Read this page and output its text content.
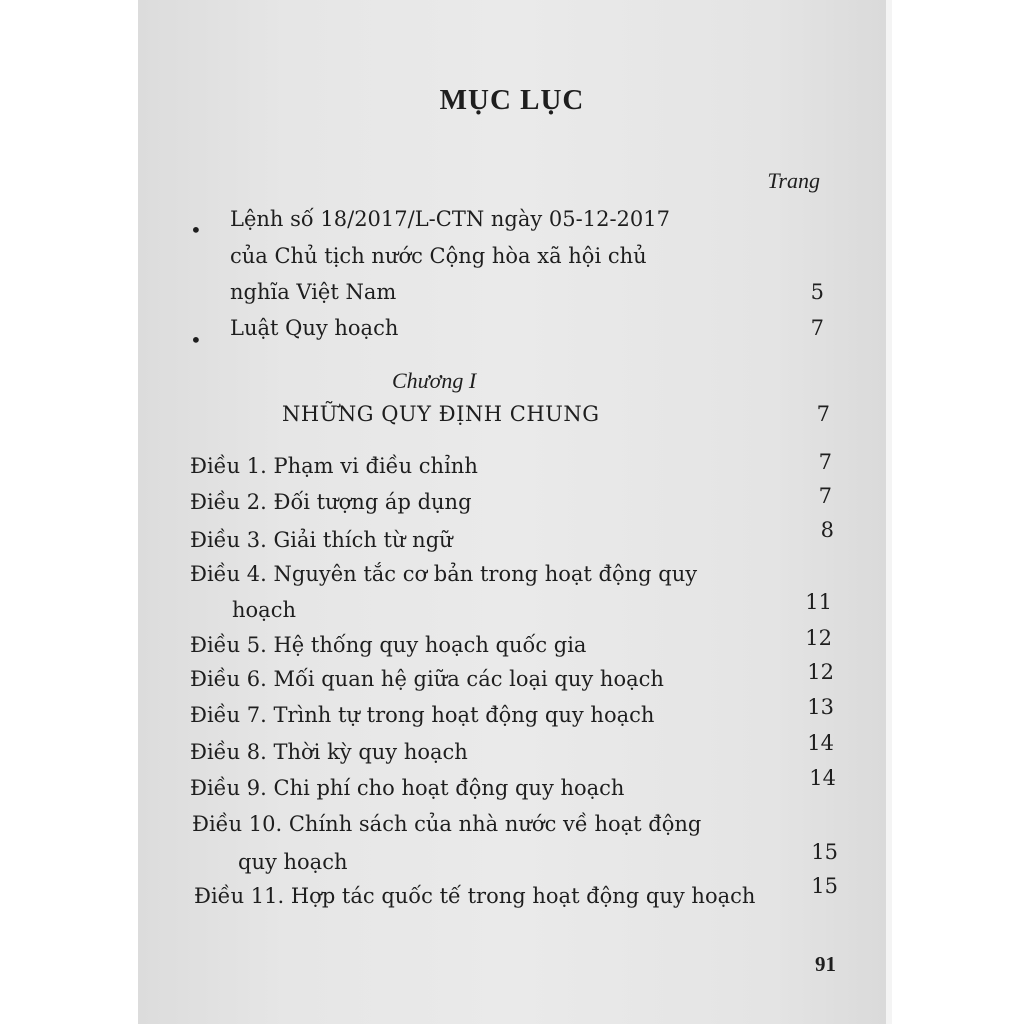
MỤC LỤC
Trang
• Lệnh số 18/2017/L-CTN ngày 05-12-2017
của Chủ tịch nước Cộng hòa xã hội chủ
nghĩa Việt Nam	5
• Luật Quy hoạch	7
Chương I
NHỮNG QUY ĐỊNH CHUNG	7
Điều 1. Phạm vi điều chỉnh	7
Điều 2. Đối tượng áp dụng	7
Điều 3. Giải thích từ ngữ	8
Điều 4. Nguyên tắc cơ bản trong hoạt động quy
hoạch	11
Điều 5. Hệ thống quy hoạch quốc gia	12
Điều 6. Mối quan hệ giữa các loại quy hoạch	12
Điều 7. Trình tự trong hoạt động quy hoạch	13
Điều 8. Thời kỳ quy hoạch	14
Điều 9. Chi phí cho hoạt động quy hoạch	14
Điều 10. Chính sách của nhà nước về hoạt động
quy hoạch	15
Điều 11. Hợp tác quốc tế trong hoạt động quy hoạch	15
91
